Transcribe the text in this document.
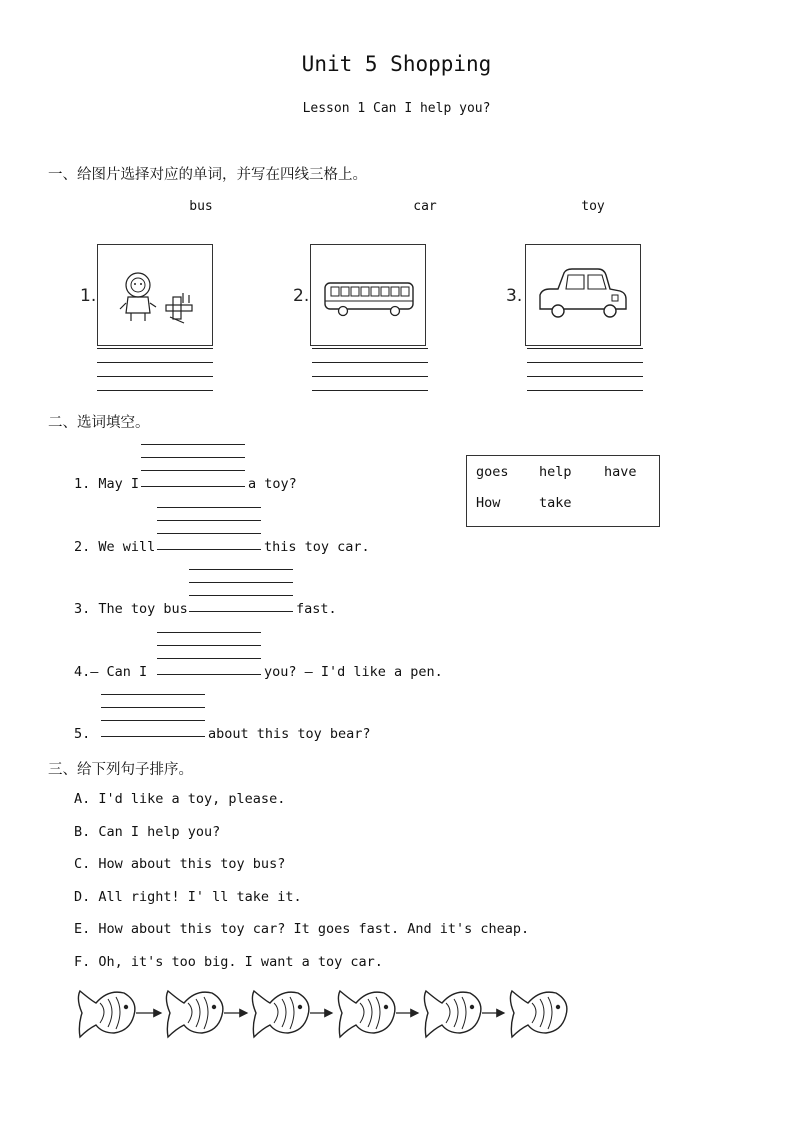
Unit 5 Shopping
Lesson 1 Can I help you?
一、给图片选择对应的单词，并写在四线三格上。
bus	car	toy
1.	2.	3.
二、选词填空。
1. May I	a toy?
2. We will	this toy car.
3. The toy bus	fast.
4.— Can I	you? — I'd like a pen.
5.	about this toy bear?
goes help have
How	take
三、给下列句子排序。
A. I'd like a toy, please.
B. Can I help you?
C. How about this toy bus?
D. All right! I' ll take it.
E. How about this toy car? It goes fast. And it's cheap.
F. Oh, it's too big. I want a toy car.
